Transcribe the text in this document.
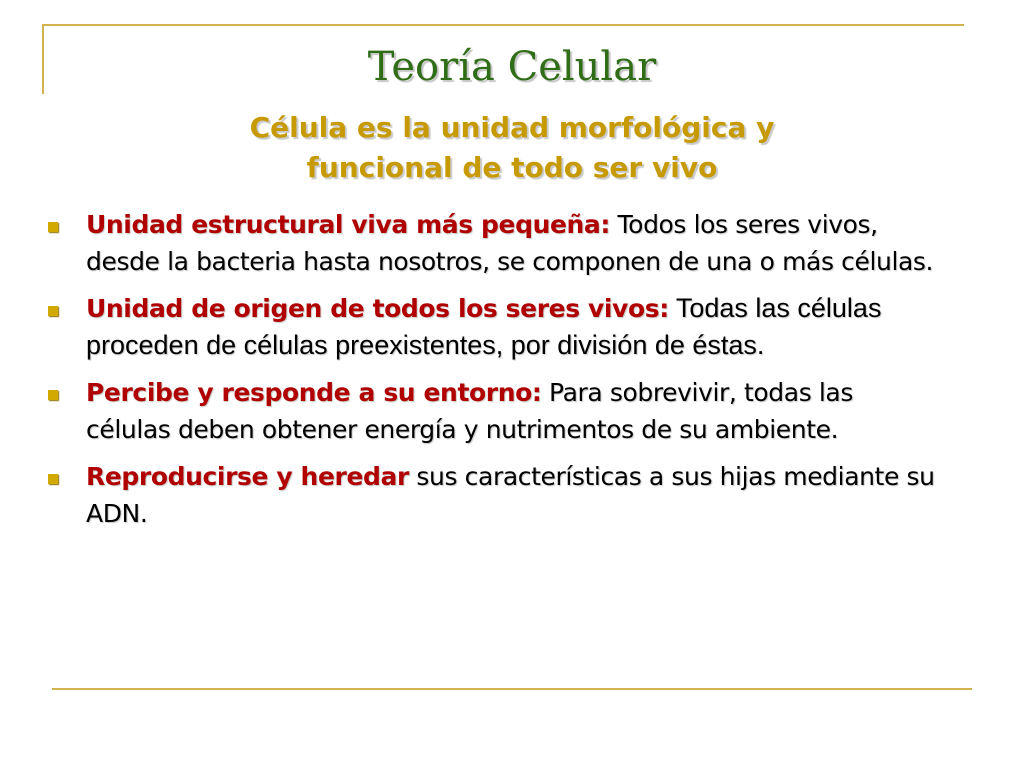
Teoría Celular
Célula es la unidad morfológica y
funcional de todo ser vivo
Unidad estructural viva más pequeña: Todos los seres vivos, desde la bacteria hasta nosotros, se componen de una o más células.
Unidad de origen de todos los seres vivos: Todas las células proceden de células preexistentes, por división de éstas.
Percibe y responde a su entorno: Para sobrevivir, todas las células deben obtener energía y nutrimentos de su ambiente.
Reproducirse y heredar sus características a sus hijas mediante su ADN.
